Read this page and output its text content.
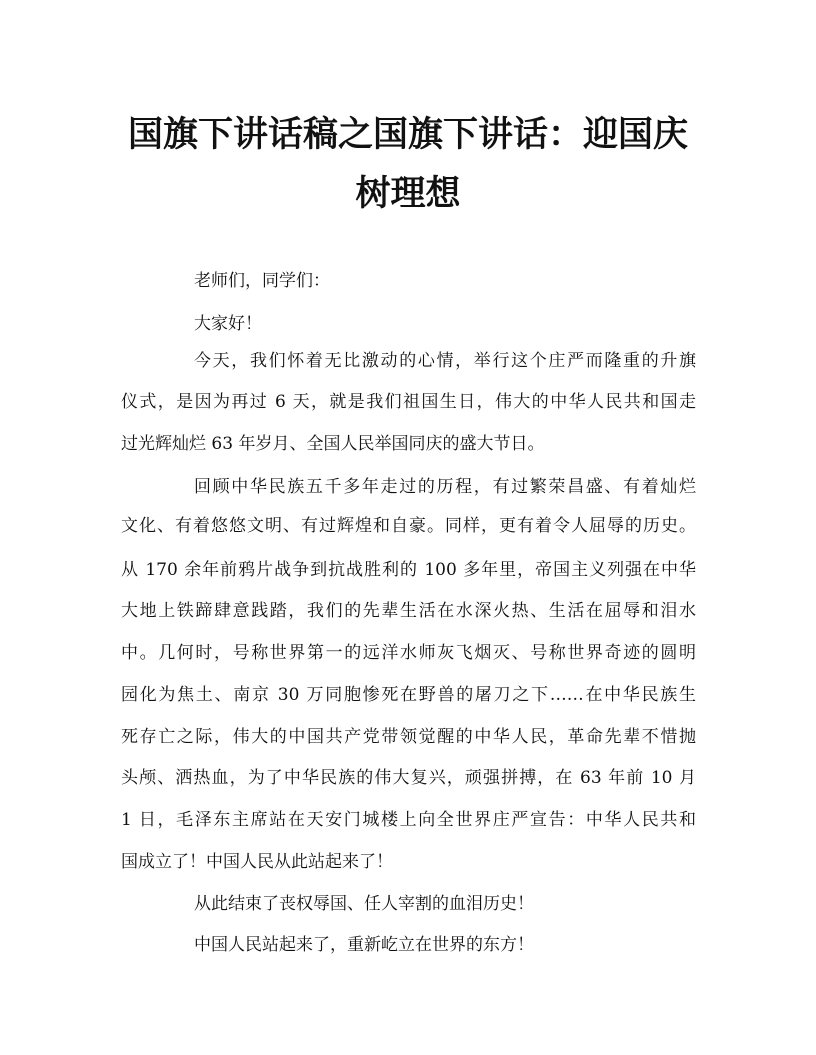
国旗下讲话稿之国旗下讲话：迎国庆
树理想
老师们，同学们：
大家好！
今天，我们怀着无比激动的心情，举行这个庄严而隆重的升旗
仪式，是因为再过 6 天，就是我们祖国生日，伟大的中华人民共和国走
过光辉灿烂 63 年岁月、全国人民举国同庆的盛大节日。
回顾中华民族五千多年走过的历程，有过繁荣昌盛、有着灿烂
文化、有着悠悠文明、有过辉煌和自豪。同样，更有着令人屈辱的历史。
从 170 余年前鸦片战争到抗战胜利的 100 多年里，帝国主义列强在中华
大地上铁蹄肆意践踏，我们的先辈生活在水深火热、生活在屈辱和泪水
中。几何时，号称世界第一的远洋水师灰飞烟灭、号称世界奇迹的圆明
园化为焦土、南京 30 万同胞惨死在野兽的屠刀之下……在中华民族生
死存亡之际，伟大的中国共产党带领觉醒的中华人民，革命先辈不惜抛
头颅、洒热血，为了中华民族的伟大复兴，顽强拼搏，在 63 年前 10 月
1 日，毛泽东主席站在天安门城楼上向全世界庄严宣告：中华人民共和
国成立了！中国人民从此站起来了！
从此结束了丧权辱国、任人宰割的血泪历史！
中国人民站起来了，重新屹立在世界的东方！
